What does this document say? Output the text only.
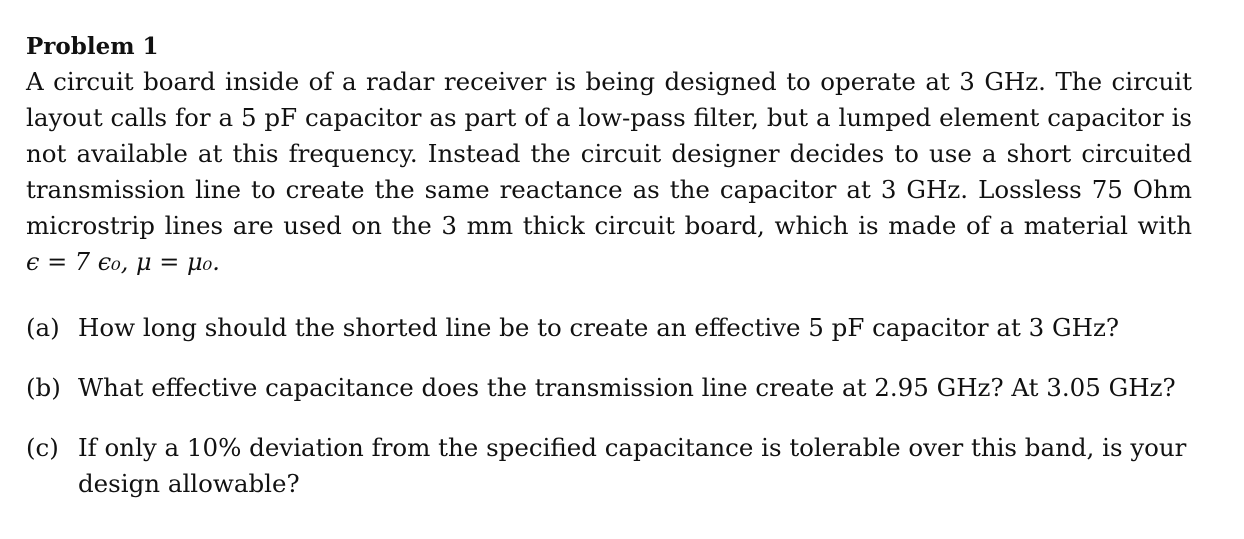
Problem 1

A circuit board inside of a radar receiver is being designed to operate at 3 GHz. The circuit layout calls for a 5 pF capacitor as part of a low-pass filter, but a lumped element capacitor is not available at this frequency. Instead the circuit designer decides to use a short circuited transmission line to create the same reactance as the capacitor at 3 GHz. Lossless 75 Ohm microstrip lines are used on the 3 mm thick circuit board, which is made of a material with
ϵ = 7 ϵ₀, μ = μ₀.

(a) How long should the shorted line be to create an effective 5 pF capacitor at 3 GHz?
(b) What effective capacitance does the transmission line create at 2.95 GHz? At 3.05 GHz?
(c) If only a 10% deviation from the specified capacitance is tolerable over this band, is your design allowable?
